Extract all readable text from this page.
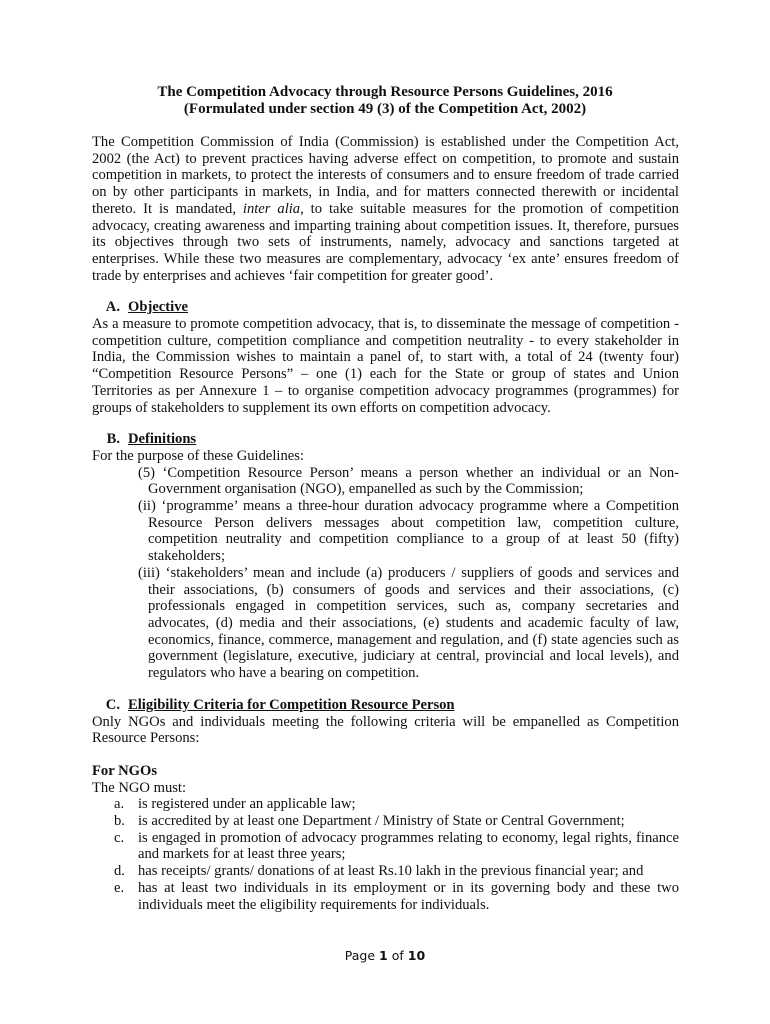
The Competition Advocacy through Resource Persons Guidelines, 2016
(Formulated under section 49 (3) of the Competition Act, 2002)

The Competition Commission of India (Commission) is established under the Competition Act, 2002 (the Act) to prevent practices having adverse effect on competition, to promote and sustain competition in markets, to protect the interests of consumers and to ensure freedom of trade carried on by other participants in markets, in India, and for matters connected therewith or incidental thereto. It is mandated, inter alia, to take suitable measures for the promotion of competition advocacy, creating awareness and imparting training about competition issues. It, therefore, pursues its objectives through two sets of instruments, namely, advocacy and sanctions targeted at enterprises. While these two measures are complementary, advocacy ‘ex ante’ ensures freedom of trade by enterprises and achieves ‘fair competition for greater good’.

A. Objective

As a measure to promote competition advocacy, that is, to disseminate the message of competition - competition culture, competition compliance and competition neutrality - to every stakeholder in India, the Commission wishes to maintain a panel of, to start with, a total of 24 (twenty four) “Competition Resource Persons” – one (1) each for the State or group of states and Union Territories as per Annexure 1 – to organise competition advocacy programmes (programmes) for groups of stakeholders to supplement its own efforts on competition advocacy.

B. Definitions

For the purpose of these Guidelines:

(5) ‘Competition Resource Person’ means a person whether an individual or an Non-Government organisation (NGO), empanelled as such by the Commission;

(ii) ‘programme’ means a three-hour duration advocacy programme where a Competition Resource Person delivers messages about competition law, competition culture, competition neutrality and competition compliance to a group of at least 50 (fifty) stakeholders;

(iii) ‘stakeholders’ mean and include (a) producers / suppliers of goods and services and their associations, (b) consumers of goods and services and their associations, (c) professionals engaged in competition services, such as, company secretaries and advocates, (d) media and their associations, (e) students and academic faculty of law, economics, finance, commerce, management and regulation, and (f) state agencies such as government (legislature, executive, judiciary at central, provincial and local levels), and regulators who have a bearing on competition.

C. Eligibility Criteria for Competition Resource Person

Only NGOs and individuals meeting the following criteria will be empanelled as Competition Resource Persons:

For NGOs
The NGO must:
a. is registered under an applicable law;
b. is accredited by at least one Department / Ministry of State or Central Government;
c. is engaged in promotion of advocacy programmes relating to economy, legal rights, finance and markets for at least three years;
d. has receipts/ grants/ donations of at least Rs.10 lakh in the previous financial year; and
e. has at least two individuals in its employment or in its governing body and these two individuals meet the eligibility requirements for individuals.
Page 1 of 10
